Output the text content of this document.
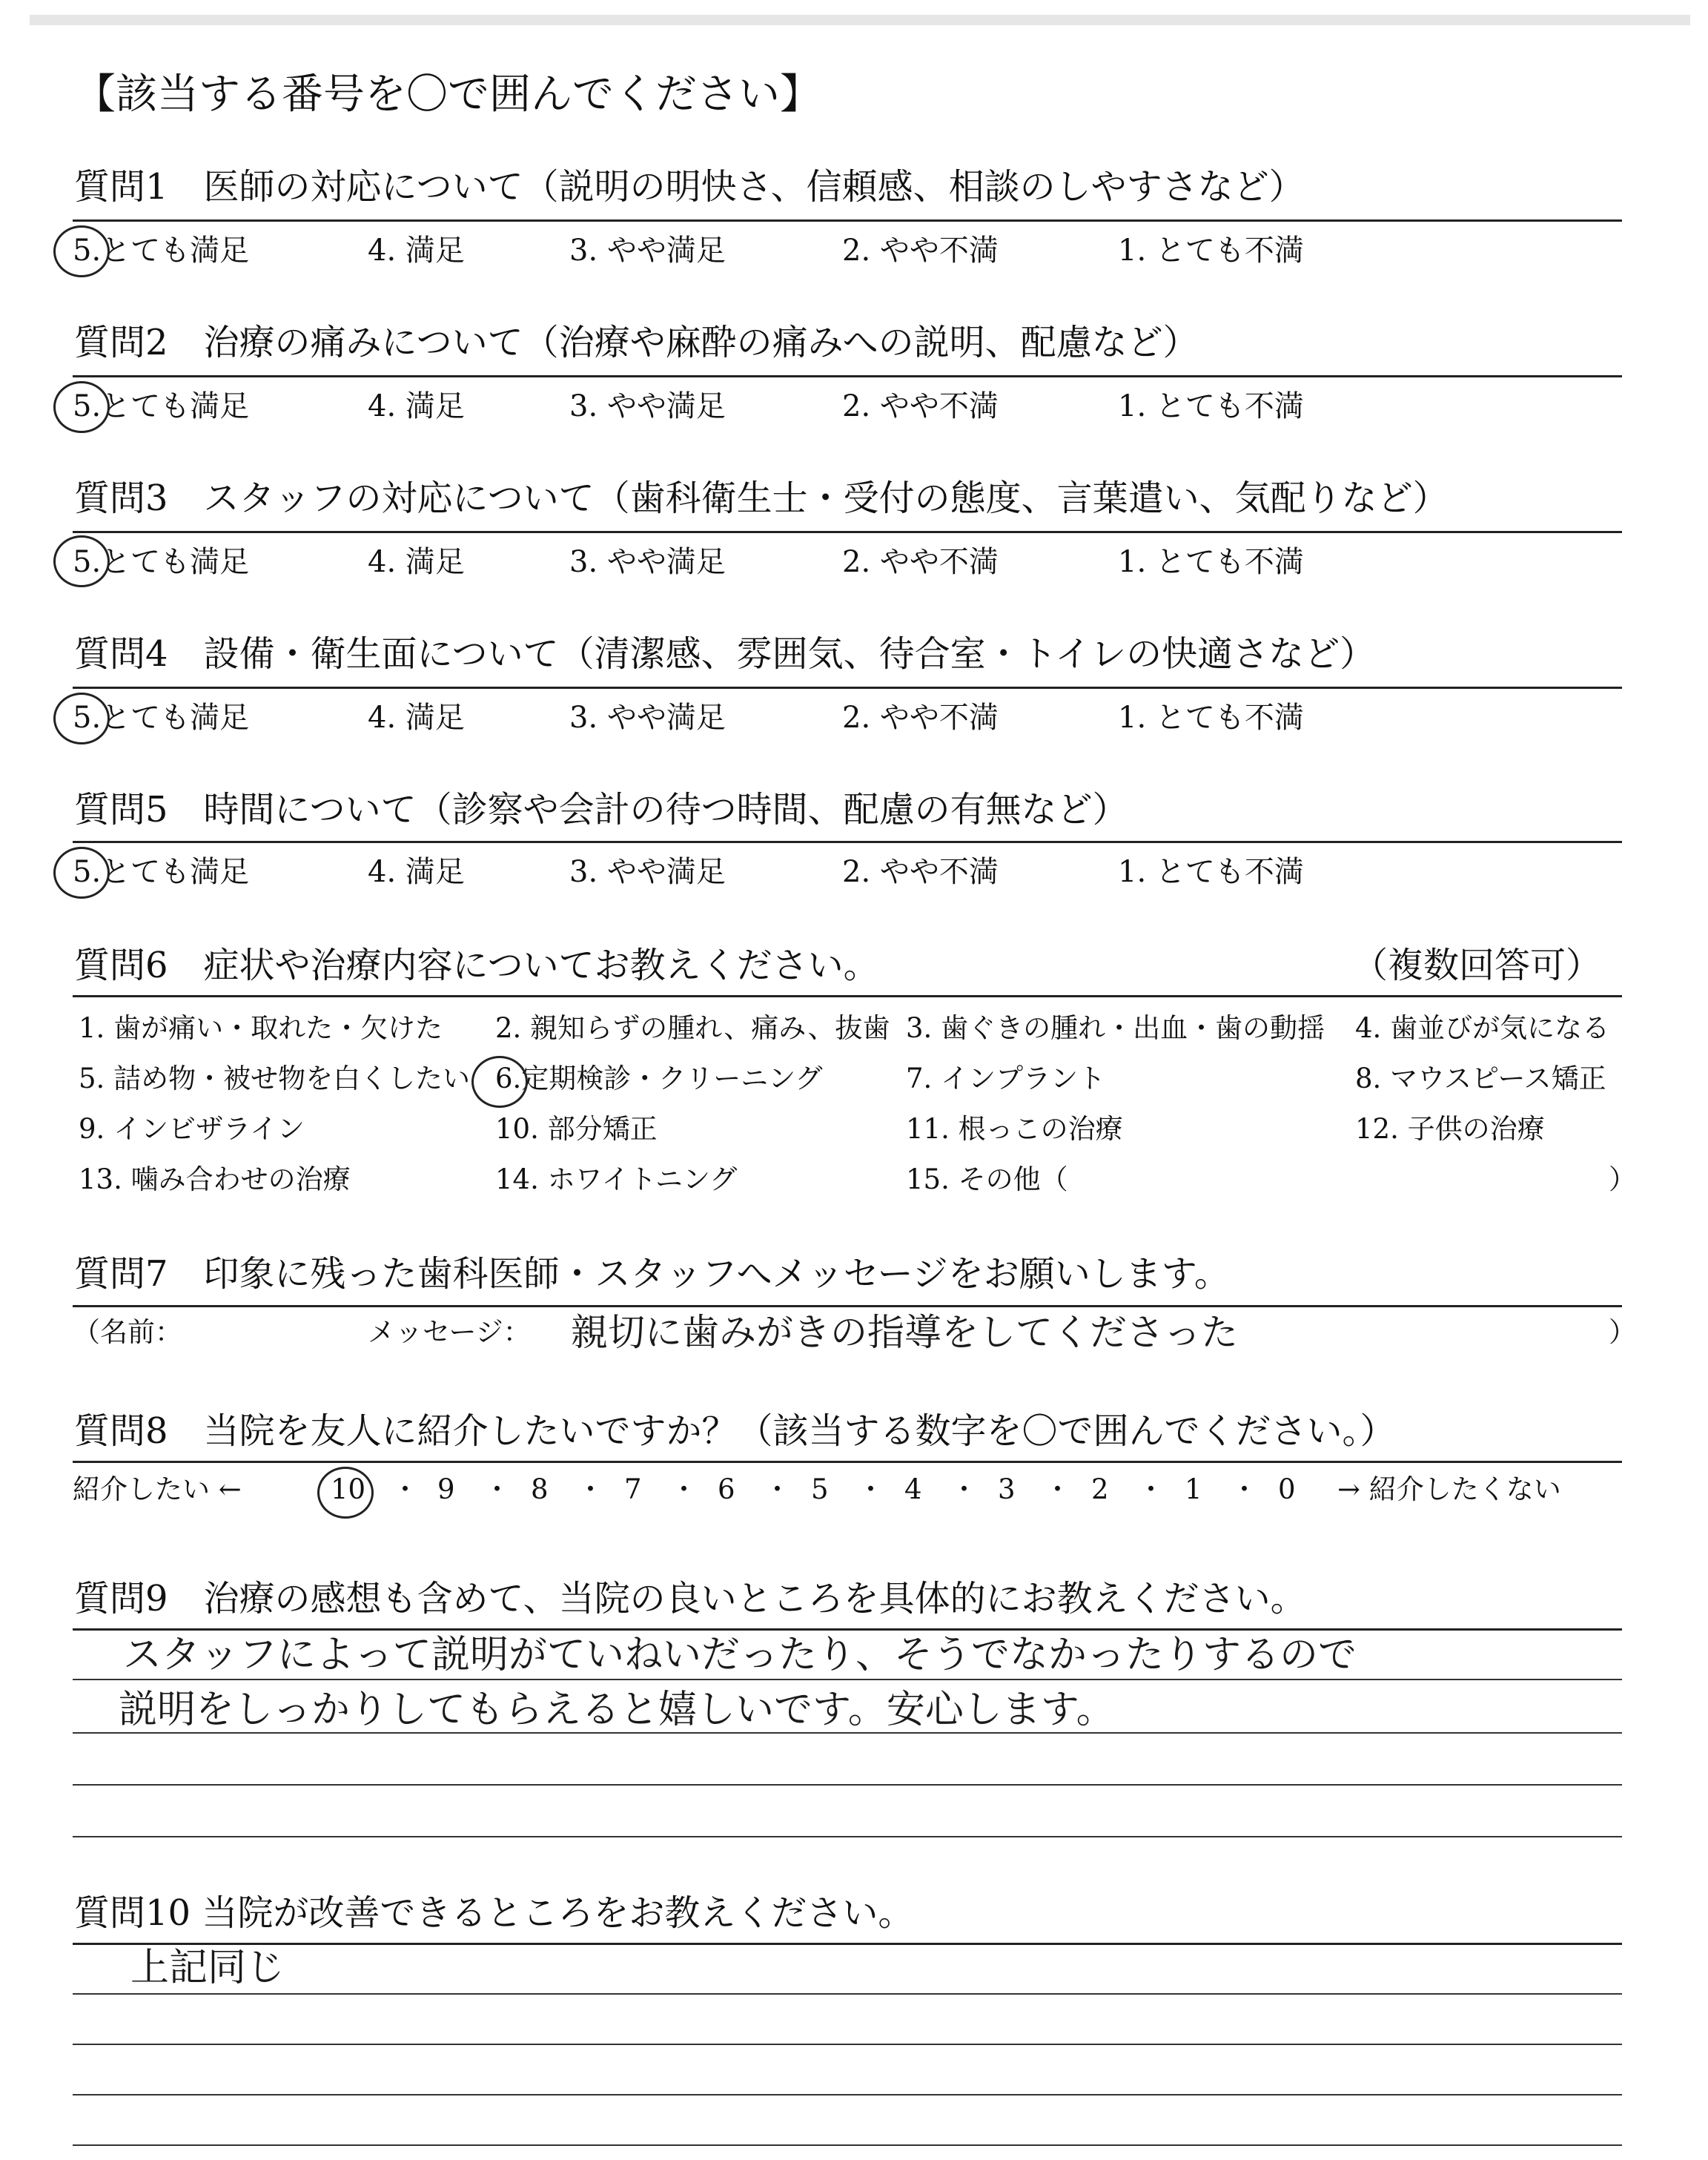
【該当する番号を〇で囲んでください】
質問1　医師の対応について（説明の明快さ、信頼感、相談のしやすさなど）
5.とても満足	4. 満足	3. やや満足	2. やや不満	1. とても不満
質問2　治療の痛みについて（治療や麻酔の痛みへの説明、配慮など）
5.とても満足	4. 満足	3. やや満足	2. やや不満	1. とても不満
質問3　スタッフの対応について（歯科衛生士・受付の態度、言葉遣い、気配りなど）
5.とても満足	4. 満足	3. やや満足	2. やや不満	1. とても不満
質問4　設備・衛生面について（清潔感、雰囲気、待合室・トイレの快適さなど）
5.とても満足	4. 満足	3. やや満足	2. やや不満	1. とても不満
質問5　時間について（診察や会計の待つ時間、配慮の有無など）
5.とても満足	4. 満足	3. やや満足	2. やや不満	1. とても不満
質問6　症状や治療内容についてお教えください。	（複数回答可）
1. 歯が痛い・取れた・欠けた 2. 親知らずの腫れ、痛み、抜歯 3. 歯ぐきの腫れ・出血・歯の動揺 4. 歯並びが気になる
5. 詰め物・被せ物を白くしたい 6.定期検診・クリーニング	7. インプラント	8. マウスピース矯正
9. インビザライン	10. 部分矯正	11. 根っこの治療	12. 子供の治療
13. 噛み合わせの治療	14. ホワイトニング	15. その他（	）
質問7　印象に残った歯科医師・スタッフへメッセージをお願いします。
（名前：	メッセージ： 親切に歯みがきの指導をしてくださった	）
質問8　当院を友人に紹介したいですか？（該当する数字を〇で囲んでください。）
紹介したい ←	10 ・ 9 ・ 8 ・ 7 ・ 6 ・ 5 ・ 4 ・ 3 ・ 2 ・ 1 ・ 0 → 紹介したくない
質問9　治療の感想も含めて、当院の良いところを具体的にお教えください。
スタッフによって説明がていねいだったり、そうでなかったりするので
説明をしっかりしてもらえると嬉しいです。安心します。
質問10 当院が改善できるところをお教えください。
上記同じ
